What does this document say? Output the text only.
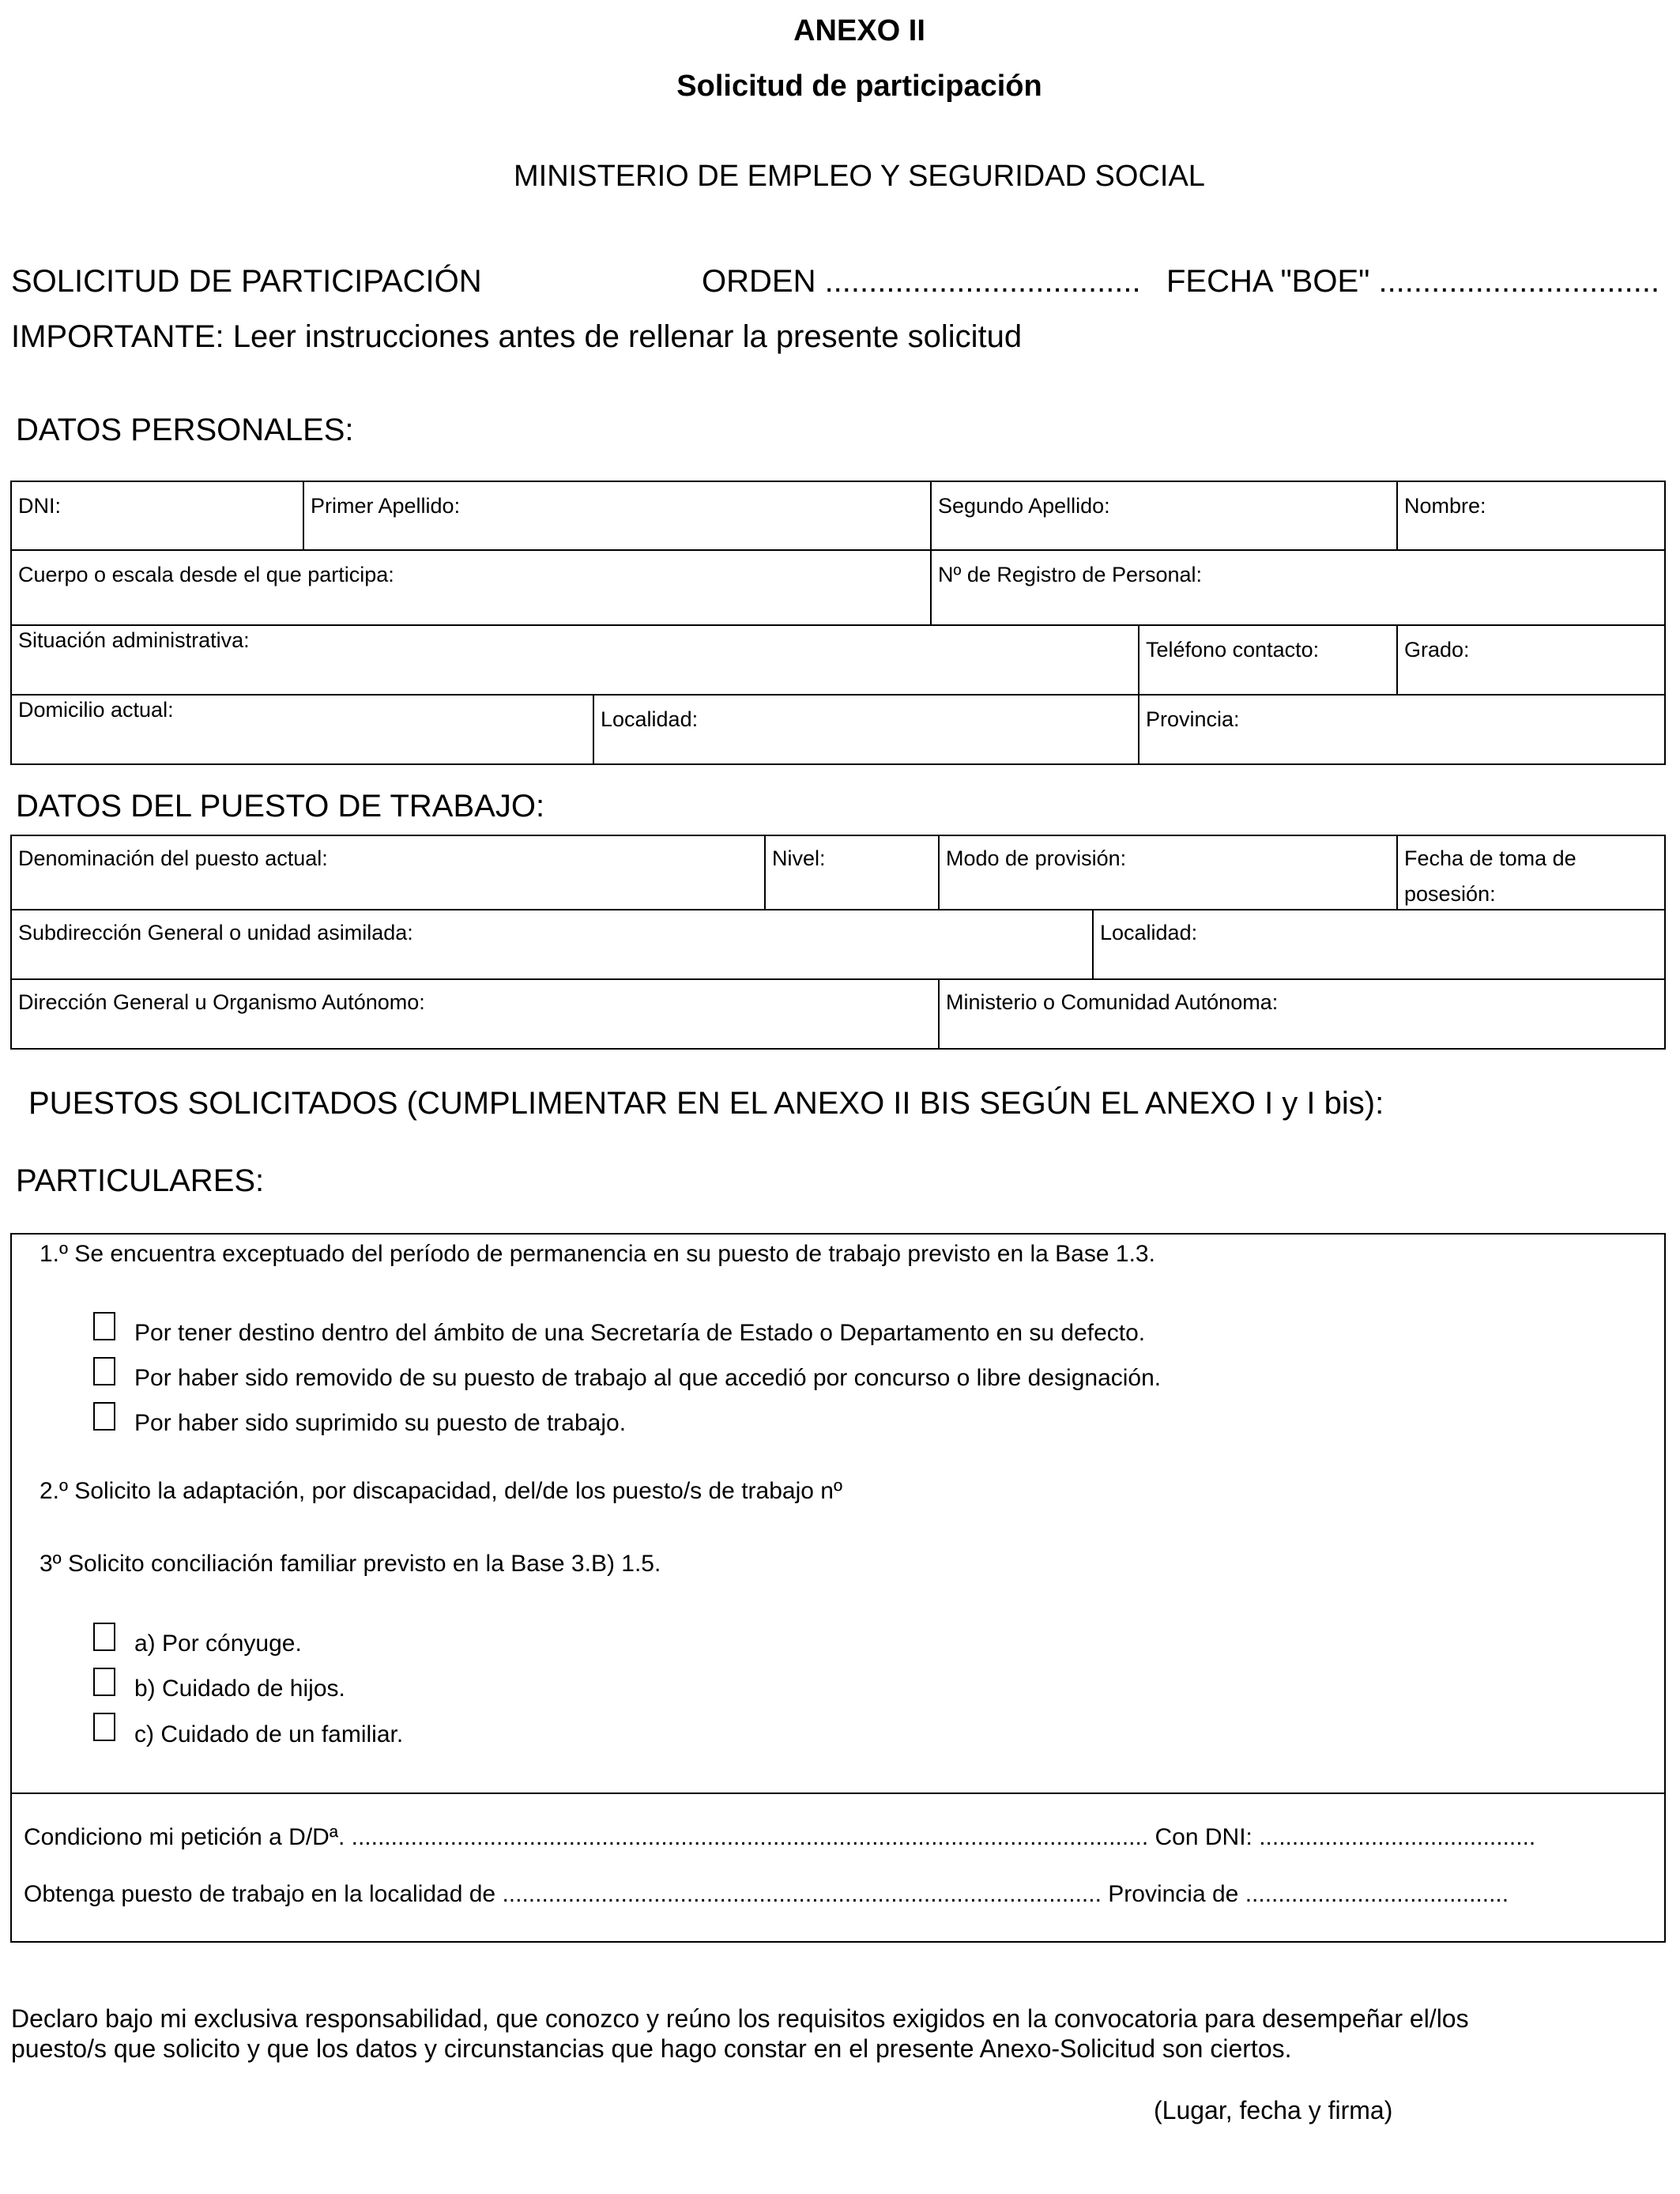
ANEXO II
Solicitud de participación
MINISTERIO DE EMPLEO Y SEGURIDAD SOCIAL
SOLICITUD DE PARTICIPACIÓN	ORDEN .................................... FECHA "BOE" ................................
IMPORTANTE: Leer instrucciones antes de rellenar la presente solicitud
DATOS PERSONALES:
DNI:	Primer Apellido:	Segundo Apellido:	Nombre:
Cuerpo o escala desde el que participa:	Nº de Registro de Personal:
Situación administrativa:	Teléfono contacto:	Grado:
Domicilio actual:	Localidad:	Provincia:
DATOS DEL PUESTO DE TRABAJO:
Denominación del puesto actual:	Nivel:	Modo de provisión:	Fecha de toma de
posesión:
Subdirección General o unidad asimilada:	Localidad:
Dirección General u Organismo Autónomo:	Ministerio o Comunidad Autónoma:
PUESTOS SOLICITADOS (CUMPLIMENTAR EN EL ANEXO II BIS SEGÚN EL ANEXO I y I bis):
PARTICULARES:
1.º Se encuentra exceptuado del período de permanencia en su puesto de trabajo previsto en la Base 1.3.
Por tener destino dentro del ámbito de una Secretaría de Estado o Departamento en su defecto.
Por haber sido removido de su puesto de trabajo al que accedió por concurso o libre designación.
Por haber sido suprimido su puesto de trabajo.
2.º Solicito la adaptación, por discapacidad, del/de los puesto/s de trabajo nº
3º Solicito conciliación familiar previsto en la Base 3.B) 1.5.
a) Por cónyuge.
b) Cuidado de hijos.
c) Cuidado de un familiar.
Condiciono mi petición a D/Dª. ......................................................................................................................... Con DNI: ..........................................
Obtenga puesto de trabajo en la localidad de ........................................................................................... Provincia de ........................................
Declaro bajo mi exclusiva responsabilidad, que conozco y reúno los requisitos exigidos en la convocatoria para desempeñar el/los
puesto/s que solicito y que los datos y circunstancias que hago constar en el presente Anexo-Solicitud son ciertos.
(Lugar, fecha y firma)
